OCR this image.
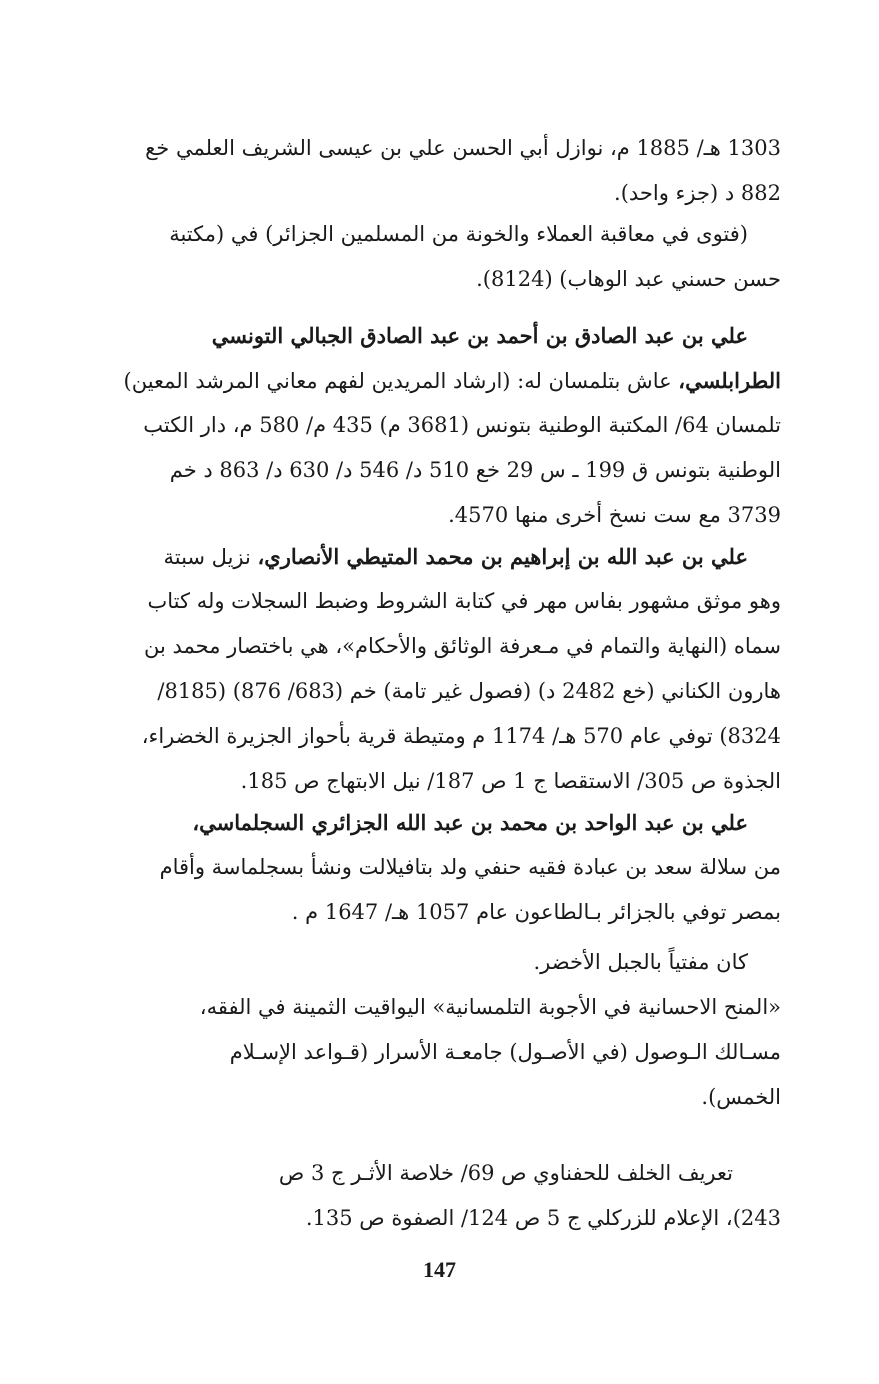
1303 هـ/ 1885 م، نوازل أبي الحسن علي بن عيسى الشريف العلمي خع
882 د (جزء واحد).
(فتوى في معاقبة العملاء والخونة من المسلمين الجزائر) في (مكتبة
حسن حسني عبد الوهاب) (8124).
علي بن عبد الصادق بن أحمد بن عبد الصادق الجبالي التونسي
الطرابلسي، عاش بتلمسان له: (ارشاد المريدين لفهم معاني المرشد المعين)
تلمسان 64/ المكتبة الوطنية بتونس (3681 م) 435 م/ 580 م، دار الكتب
الوطنية بتونس ق 199 ـ س 29 خع 510 د/ 546 د/ 630 د/ 863 د خم
3739 مع ست نسخ أخرى منها 4570.
علي بن عبد الله بن إبراهيم بن محمد المتيطي الأنصاري، نزيل سبتة
وهو موثق مشهور بفاس مهر في كتابة الشروط وضبط السجلات وله كتاب
سماه (النهاية والتمام في مـعرفة الوثائق والأحكام»، هي باختصار محمد بن
هارون الكناني (خع 2482 د) (فصول غير تامة) خم (683/ 876) (8185/
8324) توفي عام 570 هـ/ 1174 م ومتيطة قرية بأحواز الجزيرة الخضراء،
الجذوة ص 305/ الاستقصا ج 1 ص 187/ نيل الابتهاج ص 185.
علي بن عبد الواحد بن محمد بن عبد الله الجزائري السجلماسي،
من سلالة سعد بن عبادة فقيه حنفي ولد بتافيلالت ونشأ بسجلماسة وأقام
بمصر توفي بالجزائر بـالطاعون عام 1057 هـ/ 1647 م .
كان مفتياً بالجبل الأخضر.
«المنح الاحسانية في الأجوبة التلمسانية» اليواقيت الثمينة في الفقه،
مسـالك الـوصول (في الأصـول) جامعـة الأسرار (قـواعد الإسـلام
الخمس).
تعريف الخلف للحفناوي ص 69/ خلاصة الأثـر ج 3 ص
243)، الإعلام للزركلي ج 5 ص 124/ الصفوة ص 135.
147
